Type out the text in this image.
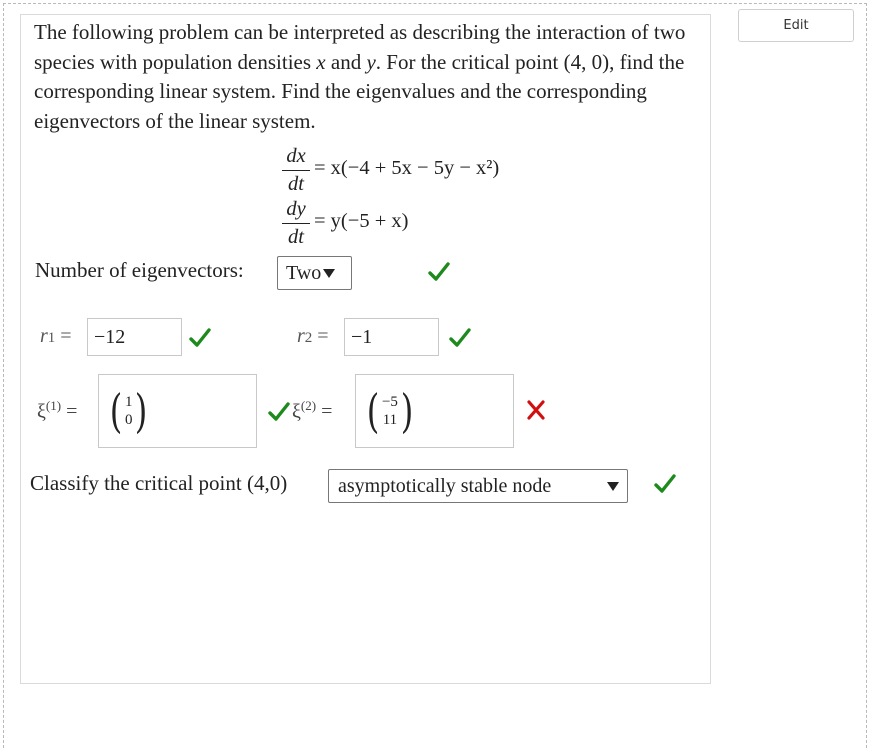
Edit

The following problem can be interpreted as describing the interaction of two species with population densities x and y. For the critical point (4, 0), find the corresponding linear system. Find the eigenvalues and the corresponding eigenvectors of the linear system.

dx
dt
= x(−4 + 5x − 5y − x²)
dy
dt
= y(−5 + x)
Number of eigenvectors: Two
r1 = −12	r2 = −1
$\xi^{(1)}$ = ( 1
0 )	$\xi^{(2)}$ = ( −5
11 )
Classify the critical point (4,0)	asymptotically stable node
